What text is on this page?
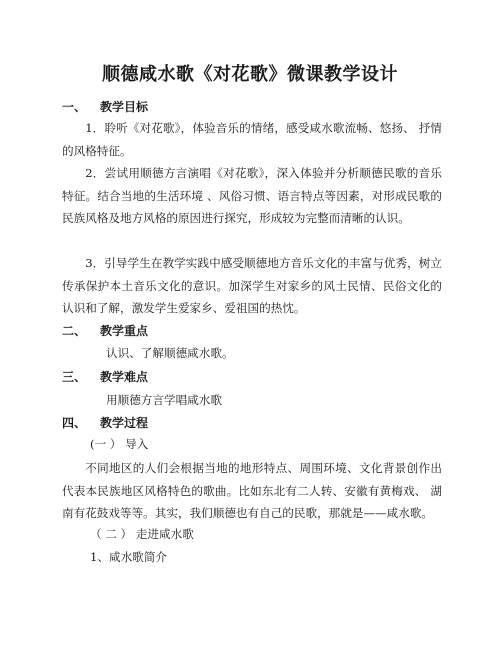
顺德咸水歌《对花歌》微课教学设计
一、 教学目标
1．聆听《对花歌》，体验音乐的情绪，感受咸水歌流畅、悠扬、 抒情的风格特征。
2．尝试用顺德方言演唱《对花歌》，深入体验并分析顺德民歌的音乐特征。结合当地的生活环境 、风俗习惯、语言特点等因素，对形成民歌的民族风格及地方风格的原因进行探究，形成较为完整而清晰的认识。
3．引导学生在教学实践中感受顺德地方音乐文化的丰富与优秀，树立传承保护本土音乐文化的意识。加深学生对家乡的风土民情、民俗文化的认识和了解，激发学生爱家乡、爱祖国的热忱。
二、 教学重点
认识、了解顺德咸水歌。
三、 教学难点
用顺德方言学唱咸水歌
四、 教学过程
(一 ） 导入
不同地区的人们会根据当地的地形特点、周围环境、文化背景创作出代表本民族地区风格特色的歌曲。比如东北有二人转、安徽有黄梅戏、 湖南有花鼓戏等等。其实，我们顺德也有自己的民歌，那就是——咸水歌。
（ 二 ） 走进咸水歌
1、咸水歌简介
